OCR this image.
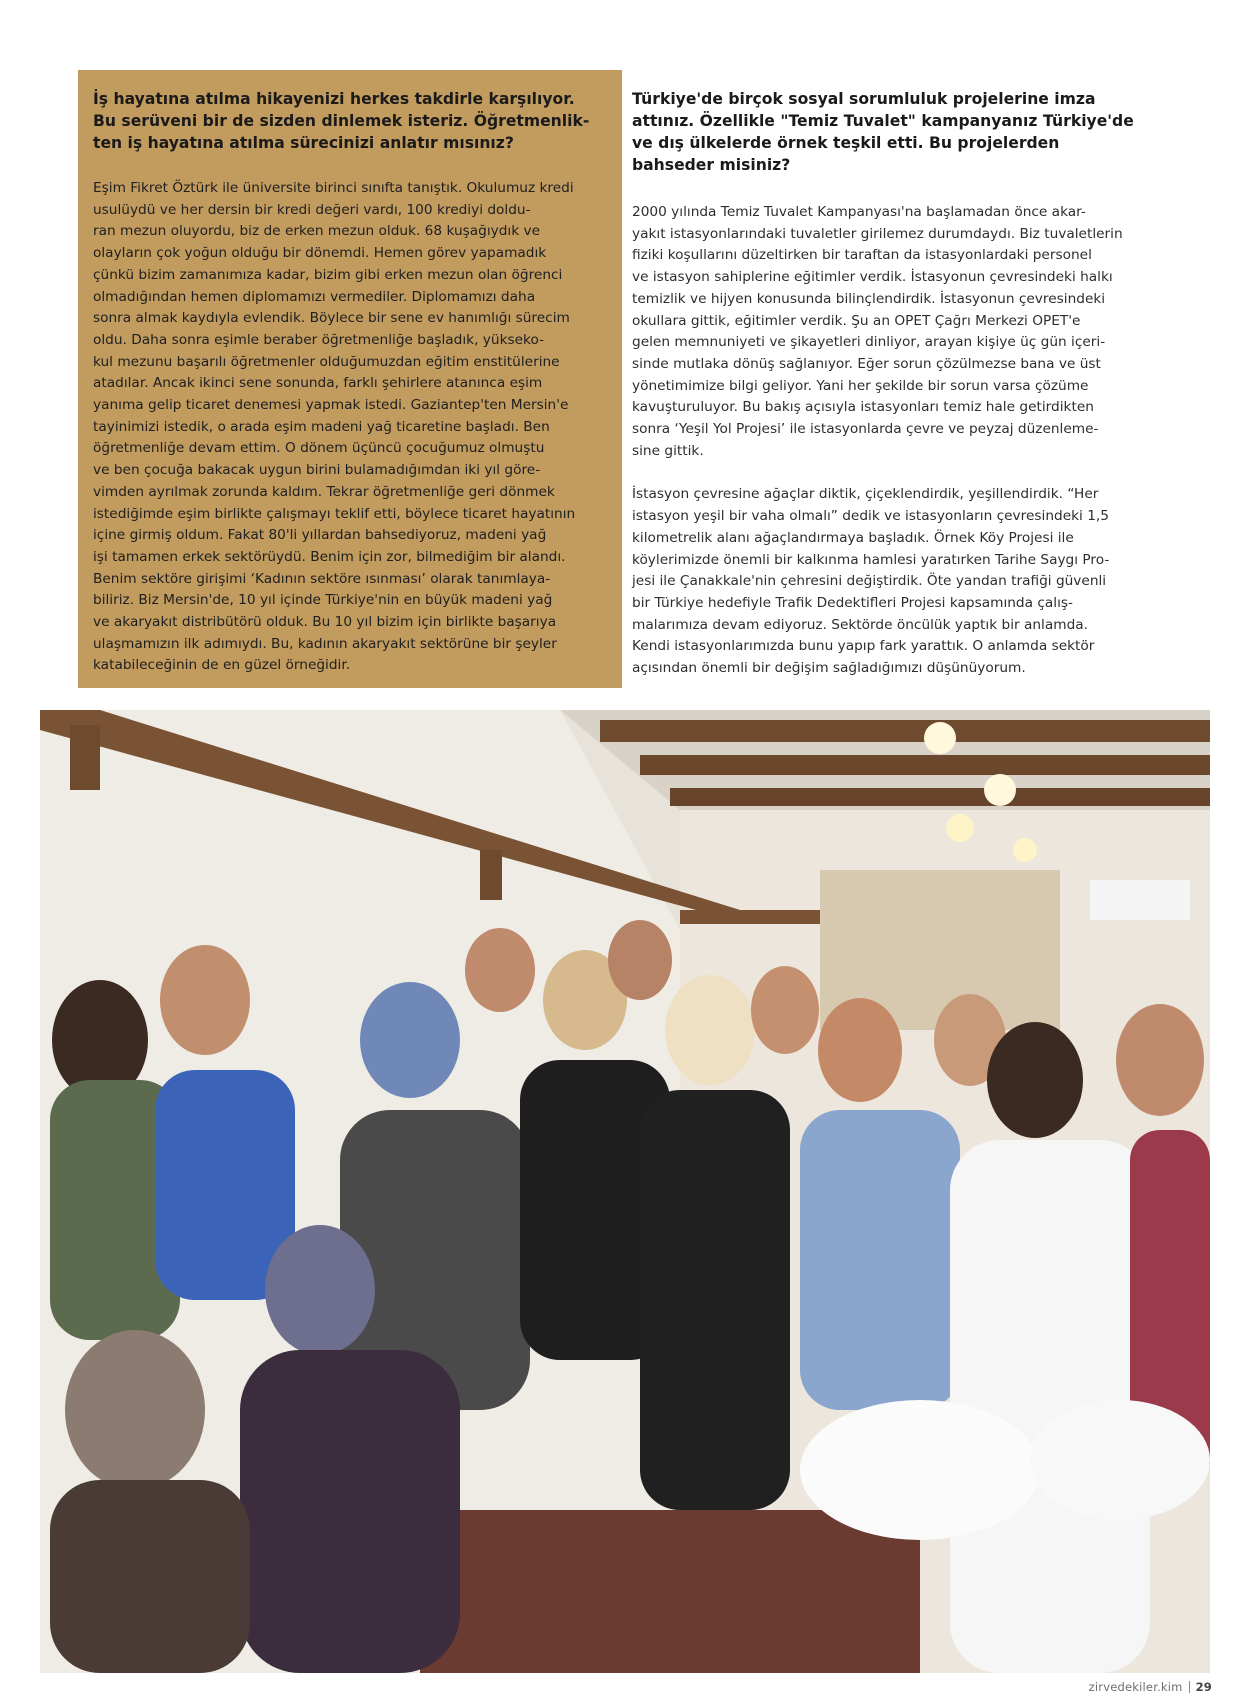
İş hayatına atılma hikayenizi herkes takdirle karşılıyor.
Bu serüveni bir de sizden dinlemek isteriz. Öğretmenlik-
ten iş hayatına atılma sürecinizi anlatır mısınız?

Eşim Fikret Öztürk ile üniversite birinci sınıfta tanıştık. Okulumuz kredi
usulüydü ve her dersin bir kredi değeri vardı, 100 krediyi doldu-
ran mezun oluyordu, biz de erken mezun olduk. 68 kuşağıydık ve
olayların çok yoğun olduğu bir dönemdi. Hemen görev yapamadık
çünkü bizim zamanımıza kadar, bizim gibi erken mezun olan öğrenci
olmadığından hemen diplomamızı vermediler. Diplomamızı daha
sonra almak kaydıyla evlendik. Böylece bir sene ev hanımlığı sürecim
oldu. Daha sonra eşimle beraber öğretmenliğe başladık, yükseko-
kul mezunu başarılı öğretmenler olduğumuzdan eğitim enstitülerine
atadılar. Ancak ikinci sene sonunda, farklı şehirlere atanınca eşim
yanıma gelip ticaret denemesi yapmak istedi. Gaziantep'ten Mersin'e
tayinimizi istedik, o arada eşim madeni yağ ticaretine başladı. Ben
öğretmenliğe devam ettim. O dönem üçüncü çocuğumuz olmuştu
ve ben çocuğa bakacak uygun birini bulamadığımdan iki yıl göre-
vimden ayrılmak zorunda kaldım. Tekrar öğretmenliğe geri dönmek
istediğimde eşim birlikte çalışmayı teklif etti, böylece ticaret hayatının
içine girmiş oldum. Fakat 80'li yıllardan bahsediyoruz, madeni yağ
işi tamamen erkek sektörüydü. Benim için zor, bilmediğim bir alandı.
Benim sektöre girişimi ‘Kadının sektöre ısınması’ olarak tanımlaya-
biliriz. Biz Mersin'de, 10 yıl içinde Türkiye'nin en büyük madeni yağ
ve akaryakıt distribütörü olduk. Bu 10 yıl bizim için birlikte başarıya
ulaşmamızın ilk adımıydı. Bu, kadının akaryakıt sektörüne bir şeyler
katabileceğinin de en güzel örneğidir.

Türkiye'de birçok sosyal sorumluluk projelerine imza
attınız. Özellikle "Temiz Tuvalet" kampanyanız Türkiye'de
ve dış ülkelerde örnek teşkil etti. Bu projelerden
bahseder misiniz?

2000 yılında Temiz Tuvalet Kampanyası'na başlamadan önce akar-
yakıt istasyonlarındaki tuvaletler girilemez durumdaydı. Biz tuvaletlerin
fiziki koşullarını düzeltirken bir taraftan da istasyonlardaki personel
ve istasyon sahiplerine eğitimler verdik. İstasyonun çevresindeki halkı
temizlik ve hijyen konusunda bilinçlendirdik. İstasyonun çevresindeki
okullara gittik, eğitimler verdik. Şu an OPET Çağrı Merkezi OPET'e
gelen memnuniyeti ve şikayetleri dinliyor, arayan kişiye üç gün içeri-
sinde mutlaka dönüş sağlanıyor. Eğer sorun çözülmezse bana ve üst
yönetimimize bilgi geliyor. Yani her şekilde bir sorun varsa çözüme
kavuşturuluyor. Bu bakış açısıyla istasyonları temiz hale getirdikten
sonra ‘Yeşil Yol Projesi’ ile istasyonlarda çevre ve peyzaj düzenleme-
sine gittik.

İstasyon çevresine ağaçlar diktik, çiçeklendirdik, yeşillendirdik. “Her
istasyon yeşil bir vaha olmalı” dedik ve istasyonların çevresindeki 1,5
kilometrelik alanı ağaçlandırmaya başladık. Örnek Köy Projesi ile
köylerimizde önemli bir kalkınma hamlesi yaratırken Tarihe Saygı Pro-
jesi ile Çanakkale'nin çehresini değiştirdik. Öte yandan trafiği güvenli
bir Türkiye hedefiyle Trafik Dedektifleri Projesi kapsamında çalış-
malarımıza devam ediyoruz. Sektörde öncülük yaptık bir anlamda.
Kendi istasyonlarımızda bunu yapıp fark yarattık. O anlamda sektör
açısından önemli bir değişim sağladığımızı düşünüyorum.

zirvedekiler.kim 29
